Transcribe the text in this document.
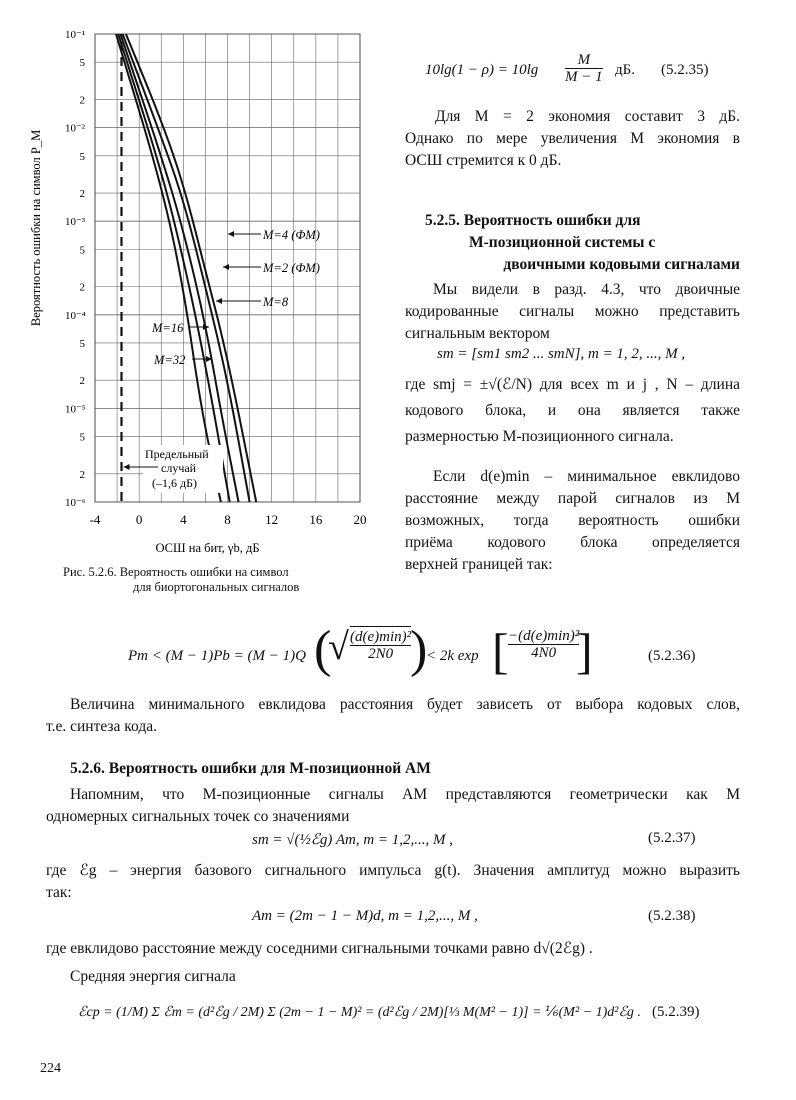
10⁻¹
5
2
10⁻²
5
2
10⁻³
5
2
10⁻⁴
5
2
10⁻⁵
5
2
10⁻⁶
-4	0	4	8	12 16 20
ОСШ на бит, γb, дБ
Вероятность ошибки на символ P_M	M=4 (ФМ)
M=2 (ФМ)
M=8
M=16
M=32
Предельный
случай
(–1,6 дБ)
Рис. 5.2.6. Вероятность ошибки на символ
для биортогональных сигналов
$10\lg(1 - \rho) = 10\lg \frac{M}{M - 1}$ дБ. (5.2.35)
Для M = 2 экономия составит 3 дБ.
Однако по мере увеличения M экономия в
ОСШ стремится к 0 дБ.
5.2.5. Вероятность ошибки для
M-позиционной системы с
двоичными кодовыми сигналами
Мы видели в разд. 4.3, что двоичные
кодированные сигналы можно представить
сигнальным вектором
sm = [sm1 sm2 ... smN], m = 1, 2, ..., M ,
где smj = ±√(ℰ/N) для всех m и j , N – длина
кодового блока, и она является также
размерностью M-позиционного сигнала.
Если d(e)min – минимальное евклидово
расстояние между парой сигналов из M
возможных, тогда вероятность ошибки
приёма кодового блока определяется
верхней границей так:
Pm < (M − 1)Pb = (M − 1)Q (
√ (d(e)min)²
2N0 )
< 2k exp [ −(d(e)min)²
4N0 ]	(5.2.36)
Величина минимального евклидова расстояния будет зависеть от выбора кодовых слов,
т.е. синтеза кода.
5.2.6. Вероятность ошибки для M-позиционной АМ
Напомним, что M-позиционные сигналы АМ представляются геометрически как M
одномерных сигнальных точек со значениями
sm = √(½ℰg) Am, m = 1,2,..., M ,	(5.2.37)
где ℰg – энергия базового сигнального импульса g(t). Значения амплитуд можно выразить
так:
Am = (2m − 1 − M)d, m = 1,2,..., M ,	(5.2.38)
где евклидово расстояние между соседними сигнальными точками равно d√(2ℰg) .
Средняя энергия сигнала
ℰср = (1/M) Σ ℰm = (d²ℰg / 2M) Σ (2m − 1 − M)² = (d²ℰg / 2M)[⅓ M(M² − 1)] = ⅙(M² − 1)d²ℰg . (5.2.39)
224
